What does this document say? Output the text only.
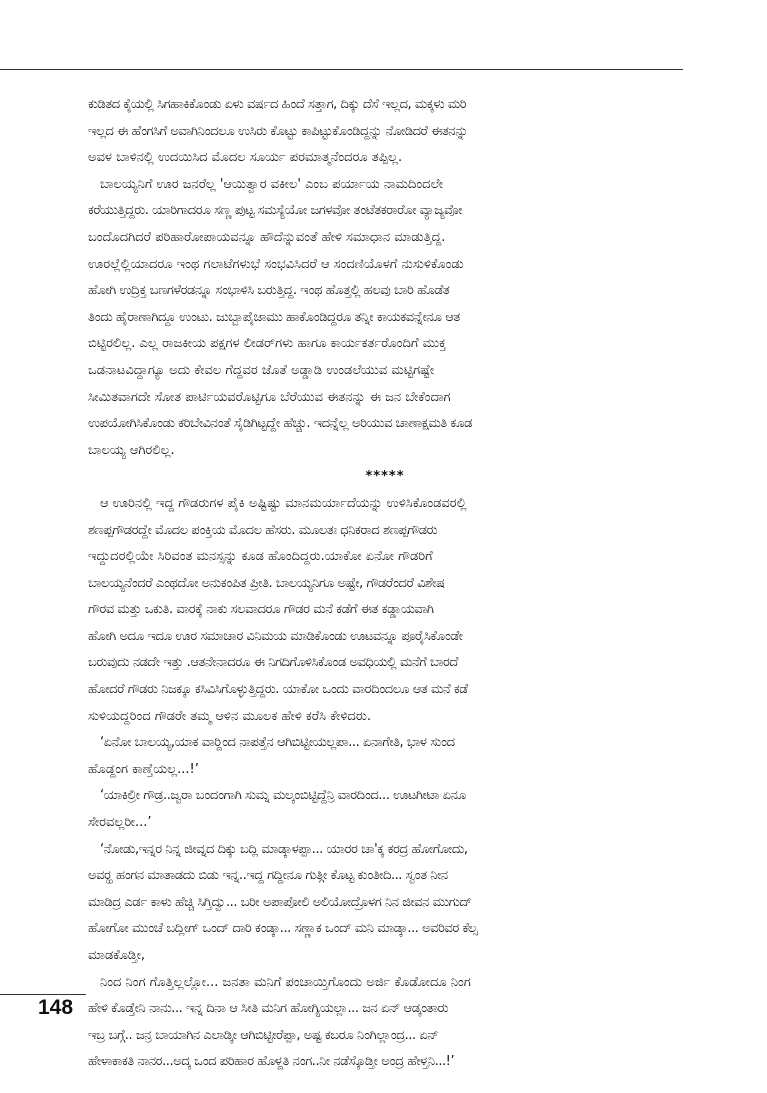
ಕುಡಿತದ ಕೈಯಲ್ಲಿ ಸಿಗಹಾಕಿಕೊಂಡು ಏಳು ವರ್ಷದ ಹಿಂದೆ ಸತ್ತಾಗ, ದಿಕ್ಕು ದೆಸೆ ಇಲ್ಲದ, ಮಕ್ಕಳು ಮರಿ
ಇಲ್ಲದ ಈ ಹೆಂಗಸಿಗೆ ಅವಾಗಿನಿಂದಲೂ ಉಸಿರು ಕೊಟ್ಟು ಕಾಪಿಟ್ಟುಕೊಂಡಿದ್ದನ್ನು ನೋಡಿದರೆ ಈತನನ್ನು
ಅವಳ ಬಾಳಿನಲ್ಲಿ ಉದಯಿಸಿದ ಮೊದಲ ಸೂರ್ಯ ಪರಮಾತ್ಮನೆಂದರೂ ತಪ್ಪಿಲ್ಲ.
ಬಾಲಯ್ಯನಿಗೆ ಊರ ಜನರೆಲ್ಲ 'ಆಯಿತ್ವಾರ ವಕೀಲ' ಎಂಬ ಪರ್ಯಾಯ ನಾಮದಿಂದಲೇ
ಕರೆಯುತ್ತಿದ್ದರು. ಯಾರಿಗಾದರೂ ಸಣ್ಣ ಪುಟ್ಟ ಸಮಸ್ಯೆಯೋ ಜಗಳವೋ ತಂಟೆತಕರಾರೋ ವ್ಯಾಜ್ಯವೋ
ಬಂದೊದಗಿದರೆ ಪರಿಹಾರೋಪಾಯವನ್ನೂ ಹೌದೆನ್ನುವಂತೆ ಹೇಳಿ ಸಮಾಧಾನ ಮಾಡುತ್ತಿದ್ದ.
ಊರಲ್ಲೆಲ್ಲಿಯಾದರೂ ಇಂಥ ಗಲಾಟೆಗಳುಭೆ ಸಂಭವಿಸಿದರೆ ಆ ಸಂದಣಿಯೊಳಗೆ ನುಸುಳಿಕೊಂಡು
ಹೋಗಿ ಉದ್ರಿಕ್ತ ಬಣಗಳೆರಡನ್ನೂ ಸಂಭಾಳಿಸಿ ಬರುತ್ತಿದ್ದ. ಇಂಥ ಹೊತ್ತಲ್ಲಿ ಹಲವು ಬಾರಿ ಹೊಡೆತ
ತಿಂದು ಹೈರಾಣಾಗಿದ್ದೂ ಉಂಟು. ಜುಬ್ಬಾಪೈಜಾಮು ಹಾಕೊಂಡಿದ್ದರೂ ತನ್ನೀ ಕಾಯಕವನ್ನೇನೂ ಆತ
ಬಿಟ್ಟಿರಲಿಲ್ಲ. ಎಲ್ಲ ರಾಜಕೀಯ ಪಕ್ಷಗಳ ಲೀಡರ್‌ಗಳು ಹಾಗೂ ಕಾರ್ಯಕರ್ತರೊಂದಿಗೆ ಮುಕ್ತ
ಒಡನಾಟವಿದ್ದಾಗ್ಯೂ ಅದು ಕೇವಲ ಗೆದ್ದವರ ಜೊತೆ ಅಡ್ಡಾಡಿ ಉಂಡಲೆಯುವ ಮಟ್ಟಿಗಷ್ಟೇ
ಸೀಮಿತವಾಗದೇ ಸೋತ ಪಾರ್ಟಿಯವರೊಟ್ಟಿಗೂ ಬೆರೆಯುವ ಈತನನ್ನು ಈ ಜನ ಬೇಕೆಂದಾಗ
ಉಪಯೋಗಿಸಿಕೊಂಡು ಕರಿಬೇವಿನಂತೆ ಸೈಡಿಗಿಟ್ಟದ್ದೇ ಹೆಚ್ಚು. ಇದನ್ನೆಲ್ಲ ಅರಿಯುವ ಚಾಣಾಕ್ಷಮತಿ ಕೂಡ
ಬಾಲಯ್ಯ ಆಗಿರಲಿಲ್ಲ.
*****
ಆ ಊರಿನಲ್ಲಿ ಇದ್ದ ಗೌಡರುಗಳ ಪೈಕಿ ಅಷ್ಟಿಷ್ಟು ಮಾನಮರ್ಯಾದೆಯನ್ನು ಉಳಿಸಿಕೊಂಡವರಲ್ಲಿ
ಶಣಪ್ಪಗೌಡರದ್ದೇ ಮೊದಲ ಪಂಕ್ತಿಯ ಮೊದಲ ಹೆಸರು. ಮೂಲತಃ ಧನಿಕರಾದ ಶಣಪ್ಪಗೌಡರು
ಇದ್ದುದರಲ್ಲಿಯೇ ಸಿರಿವಂತ ಮನಸ್ಸನ್ನು ಕೂಡ ಹೊಂದಿದ್ದರು.ಯಾಕೋ ಏನೋ ಗೌಡರಿಗೆ
ಬಾಲಯ್ಯನೆಂದರೆ ಎಂಥದೋ ಅನುಕಂಪಿತ ಪ್ರೀತಿ. ಬಾಲಯ್ಯನಿಗೂ ಅಷ್ಟೇ, ಗೌಡರೆಂದರೆ ವಿಶೇಷ
ಗೌರವ ಮತ್ತು ಒಕುತಿ. ವಾರಕ್ಕೆ ನಾಕು ಸಲವಾದರೂ ಗೌಡರ ಮನೆ ಕಡೆಗೆ ಈತ ಕಡ್ಡಾಯವಾಗಿ
ಹೋಗಿ ಅದೂ ಇದೂ ಊರ ಸಮಾಚಾರ ವಿನಿಮಯ ಮಾಡಿಕೊಂಡು ಊಟವನ್ನೂ ಪೂರೈಸಿಕೊಂಡೇ
ಬರುವುದು ನಡದೇ ಇತ್ತು .ಆತನೇನಾದರೂ ಈ ನಿಗದಿಗೊಳಿಸಿಕೊಂಡ ಅವಧಿಯಲ್ಲಿ ಮನೆಗೆ ಬಾರದೆ
ಹೋದರೆ ಗೌಡರು ನಿಜಕ್ಕೂ ಕಸಿವಿಸಿಗೊಳ್ಳುತ್ತಿದ್ದರು. ಯಾಕೋ ಒಂದು ವಾರದಿಂದಲೂ ಆತ ಮನೆ ಕಡೆ
ಸುಳಿಯದ್ದರಿಂದ ಗೌಡರೇ ತಮ್ಮ ಆಳಿನ ಮೂಲಕ ಹೇಳಿ ಕರೆಸಿ ಕೇಳಿದರು.
‘ಏನೋ ಬಾಲಯ್ಯ,ಯಾಕ ವಾರ್‍ದಿಂದ ನಾಪತ್ತೆನ ಆಗಿಬಿಟ್ಟೀಯಲ್ಲಪಾ... ಏನಾಗೇತಿ, ಭಾಳ ಸುಂದ
ಹೊಡ್ದಂಗ ಕಾಣ್ತೆಯಲ್ಲ...!’
‘ಯಾಕಿಲ್ರೀ ಗೌಡ್ರ..ಜ್ವರಾ ಬಂದಂಗಾಗಿ ಸುಮ್ನ ಮಲ್ಕಂಬಿಟ್ಟಿದ್ದೆನ್ರಿ ವಾರದಿಂದ... ಊಟಗೀಟಾ ಏನೂ
ಸೇರವಲ್ಲರೀ...’
‘ನೋಡು,ಇನ್ನರ ನಿನ್ನ ಜೀವ್ನದ ದಿಕ್ಕು ಬದ್ಲಿ ಮಾಡ್ಕಾಳಪ್ಪಾ... ಯಾರರ ಚಾ'ಕ್ಕ ಕರದ್ರ ಹೋಗೋದು,
ಅವರ್‍ಹ ಹಂಗನ ಮಾತಾಡದು ಬಿಡು ಇನ್ನ..ಇದ್ದ ಗದ್ದೀನೂ ಗುತ್ಗೀ ಕೊಟ್ಟ ಕುಂತೀದಿ... ಸ್ವಂತ ನೀನ
ಮಾಡಿದ್ರ ಎರ್ಡ ಕಾಳು ಹೆಚ್ಚಿ ಸಿಗ್ತಿದ್ವು... ಬರೀ ಅಪಾಪೋಲಿ ಅಲಿಯೋದ್ರೊಳಗ ನಿನ ಜೀವನ ಮುಗುದ್
ಹೋಗೋ ಮುಂಚೆ ಬದ್ಲೀಗ್ ಒಂದ್ ದಾರಿ ಕಂಡ್ಕಾ... ಸಣ್ಣಾಕ ಒಂದ್ ಮನಿ ಮಾಡ್ಕಾ... ಅವರಿವರ ಕೆಲ್ಸ
ಮಾಡಕೊಡ್ತೀ,
ನಿಂದ ನಿಂಗ ಗೊತ್ತಿಲ್ಲಲ್ಲೋ... ಜನತಾ ಮನಿಗೆ ಪಂಚಾಯ್ತಿಗೊಂದು ಅರ್ಜಿ ಕೊಡೋದೂ ನಿಂಗ
ಹೇಳಿ ಕೊಡ್ತೇನಿ ನಾನು... ಇನ್ನ ದಿನಾ ಆ ಸೀತಿ ಮನಿಗ ಹೋಗ್ಯಿಯಲ್ಲಾ... ಜನ ಏನ್ ಆಡ್ಕಂತಾರು
ಇಬ್ರ ಬಗ್ಗೆ.. ಜನ್ರ ಬಾಯಾಗಿನ ಎಲಾಡ್ಕೀ ಆಗಿಬಿಟ್ಟೀರೆಪ್ಪಾ, ಅಷ್ಟ ಕಬರೂ ನಿಂಗಿಲ್ಲಾಂದ್ರ... ಏನ್
ಹೇಳಾಕಾಕತಿ ನಾನರ...ಅದ್ಕ ಒಂದ ಪರಿಹಾರ ಹೊಳ್ದತಿ ನಂಗ..ನೀ ನಡೆಸ್ಕೊಡ್ತೀ ಅಂದ್ರ ಹೇಳ್ತನಿ...!’
148
